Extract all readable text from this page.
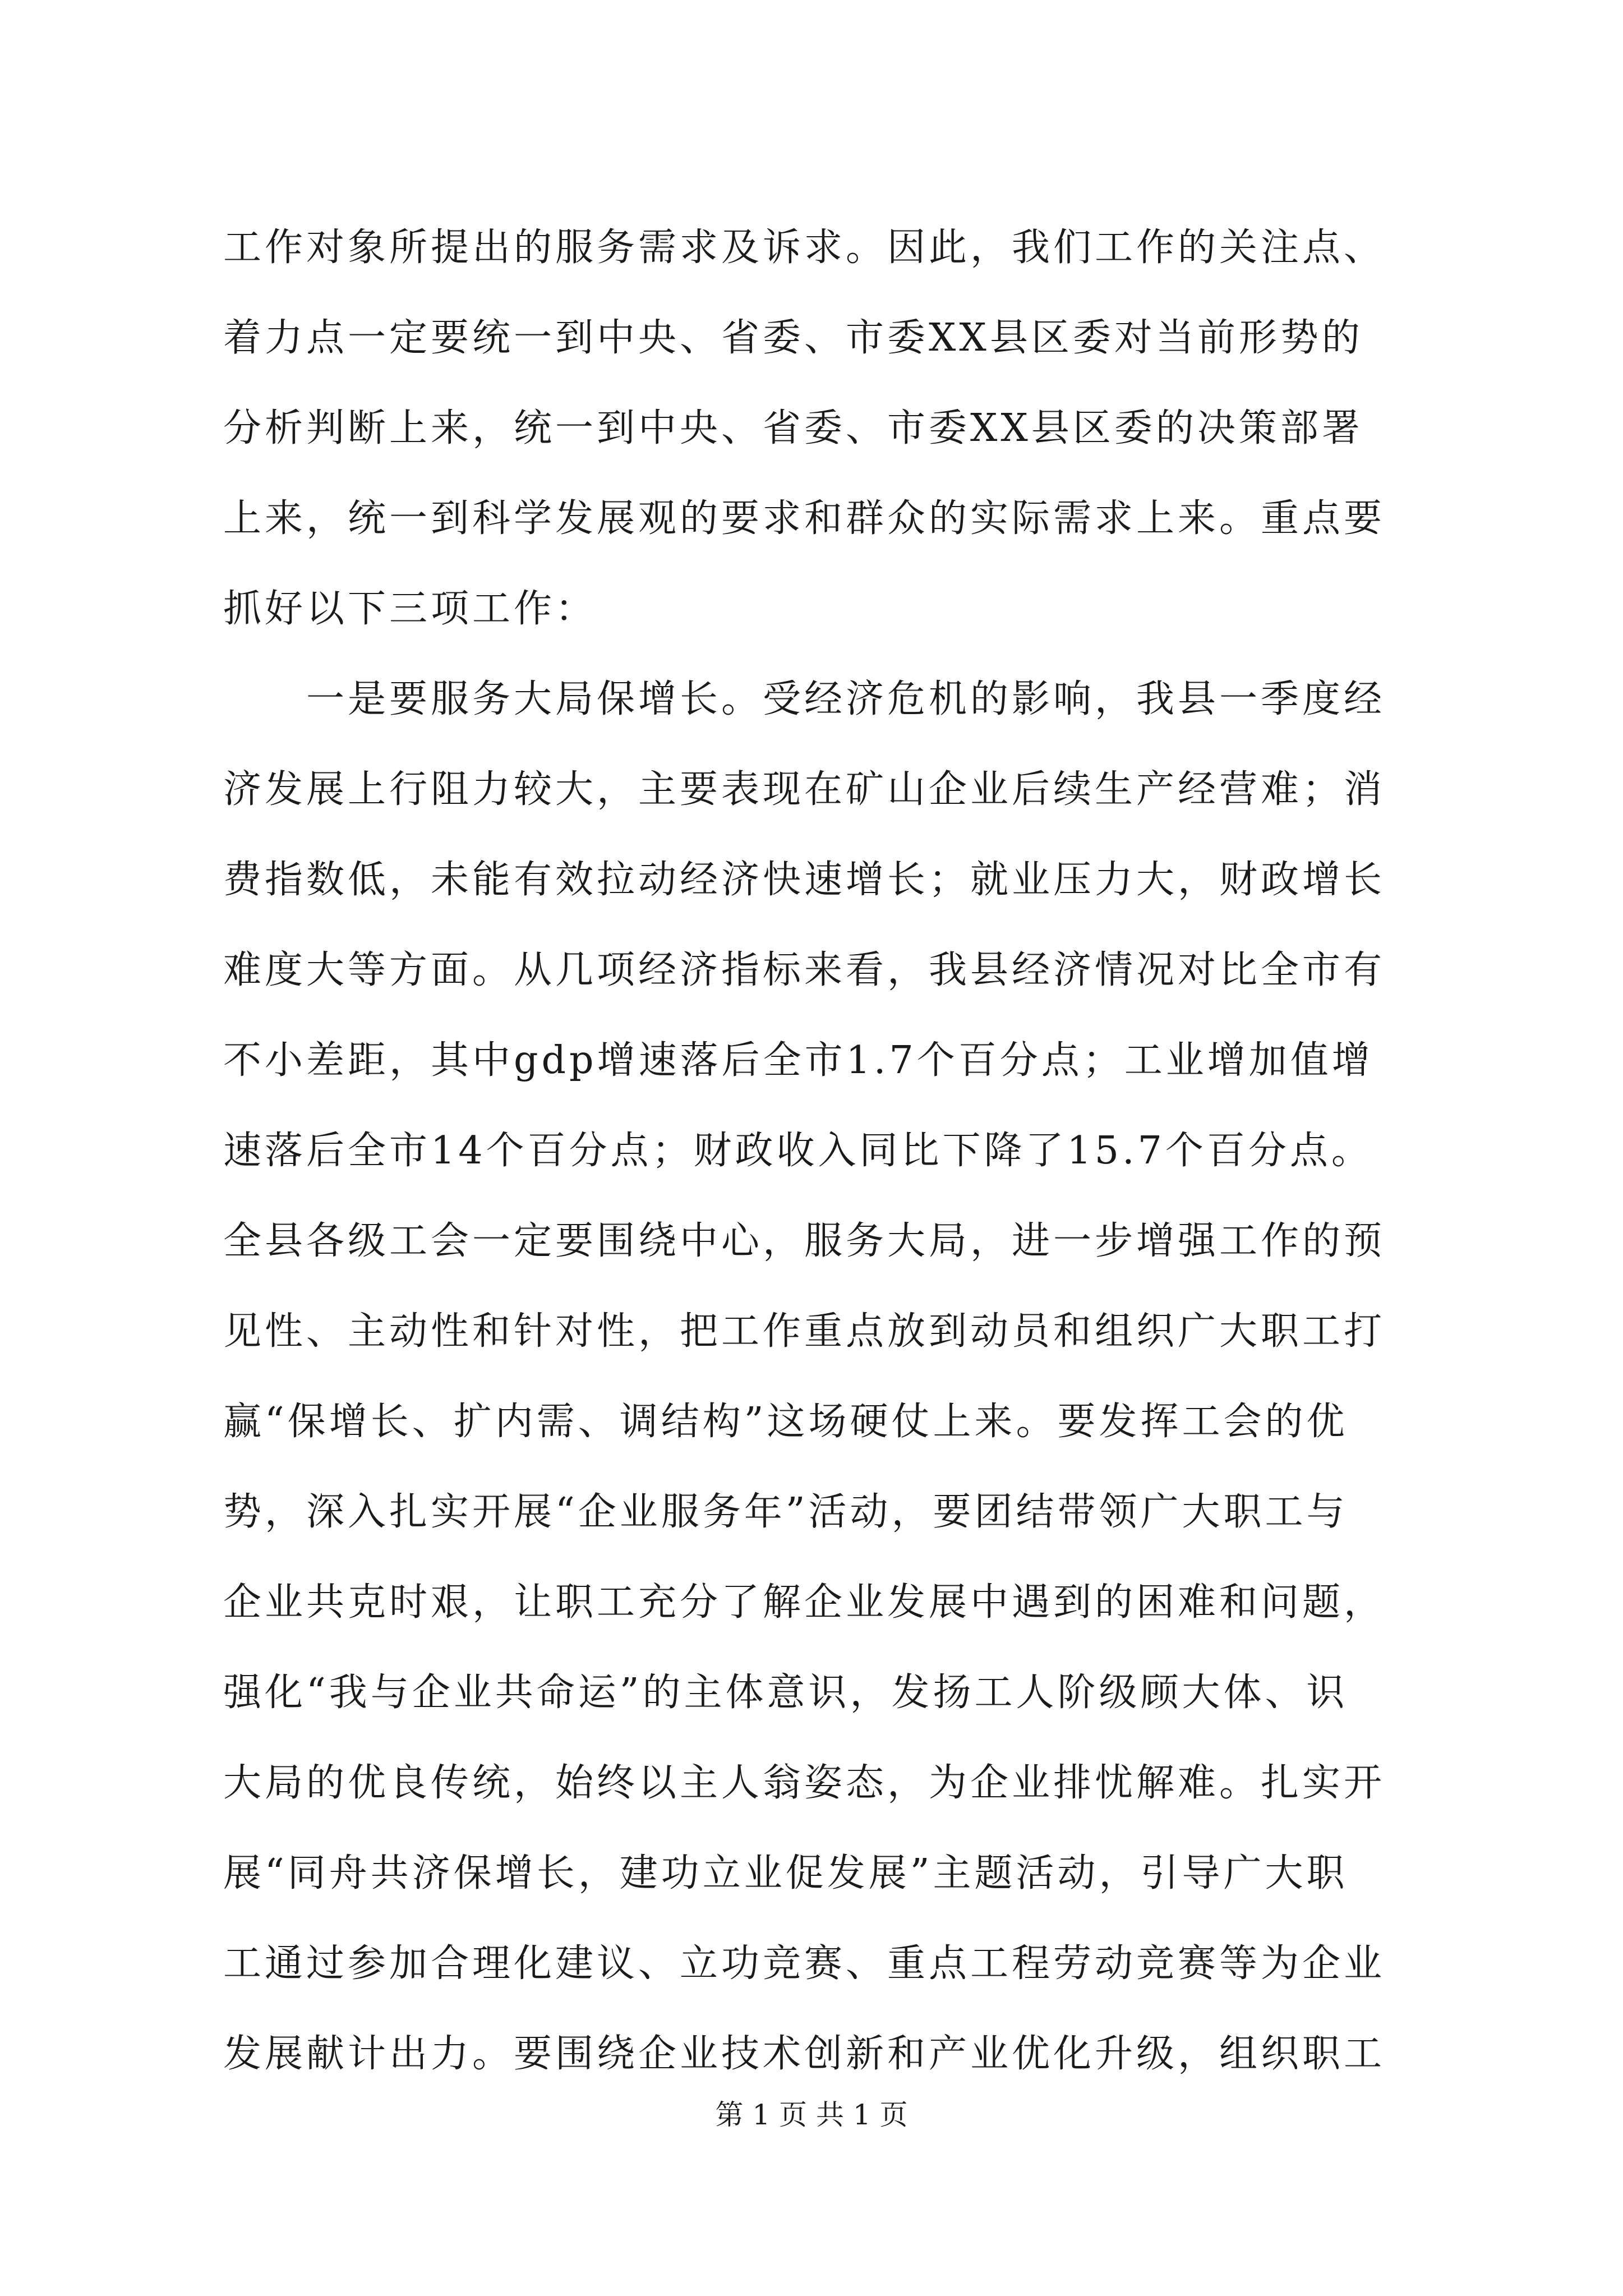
工作对象所提出的服务需求及诉求。因此，我们工作的关注点、
着力点一定要统一到中央、省委、市委XX县区委对当前形势的
分析判断上来，统一到中央、省委、市委XX县区委的决策部署
上来，统一到科学发展观的要求和群众的实际需求上来。重点要
抓好以下三项工作：
　　一是要服务大局保增长。受经济危机的影响，我县一季度经
济发展上行阻力较大，主要表现在矿山企业后续生产经营难；消
费指数低，未能有效拉动经济快速增长；就业压力大，财政增长
难度大等方面。从几项经济指标来看，我县经济情况对比全市有
不小差距，其中gdp增速落后全市1.7个百分点；工业增加值增
速落后全市14个百分点；财政收入同比下降了15.7个百分点。
全县各级工会一定要围绕中心，服务大局，进一步增强工作的预
见性、主动性和针对性，把工作重点放到动员和组织广大职工打
赢“保增长、扩内需、调结构”这场硬仗上来。要发挥工会的优
势，深入扎实开展“企业服务年”活动，要团结带领广大职工与
企业共克时艰，让职工充分了解企业发展中遇到的困难和问题，
强化“我与企业共命运”的主体意识，发扬工人阶级顾大体、识
大局的优良传统，始终以主人翁姿态，为企业排忧解难。扎实开
展“同舟共济保增长，建功立业促发展”主题活动，引导广大职
工通过参加合理化建议、立功竞赛、重点工程劳动竞赛等为企业
发展献计出力。要围绕企业技术创新和产业优化升级，组织职工
第 1 页 共 1 页
